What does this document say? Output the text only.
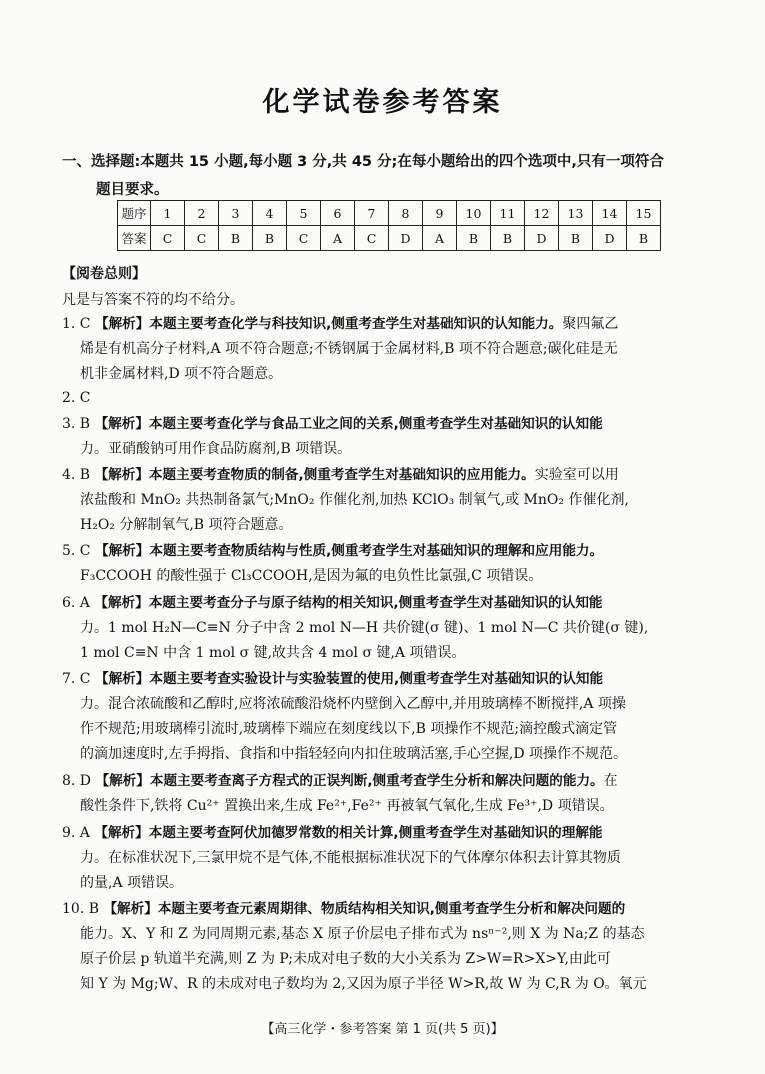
化学试卷参考答案
一、选择题:本题共 15 小题,每小题 3 分,共 45 分;在每小题给出的四个选项中,只有一项符合
题目要求。
题序	1	2	3	4	5	6	7	8	9	10	11	12	13	14	15
答案	C	C	B	B	C	A	C	D	A	B	B	D	B	D	B
【阅卷总则】
凡是与答案不符的均不给分。
1. C 【解析】本题主要考查化学与科技知识,侧重考查学生对基础知识的认知能力。聚四氟乙
烯是有机高分子材料,A 项不符合题意;不锈钢属于金属材料,B 项不符合题意;碳化硅是无
机非金属材料,D 项不符合题意。
2. C
3. B 【解析】本题主要考查化学与食品工业之间的关系,侧重考查学生对基础知识的认知能
力。亚硝酸钠可用作食品防腐剂,B 项错误。
4. B 【解析】本题主要考查物质的制备,侧重考查学生对基础知识的应用能力。实验室可以用
浓盐酸和 MnO₂ 共热制备氯气;MnO₂ 作催化剂,加热 KClO₃ 制氧气,或 MnO₂ 作催化剂,
H₂O₂ 分解制氧气,B 项符合题意。
5. C 【解析】本题主要考查物质结构与性质,侧重考查学生对基础知识的理解和应用能力。
F₃CCOOH 的酸性强于 Cl₃CCOOH,是因为氟的电负性比氯强,C 项错误。
6. A 【解析】本题主要考查分子与原子结构的相关知识,侧重考查学生对基础知识的认知能
力。1 mol H₂N—C≡N 分子中含 2 mol N—H 共价键(σ 键)、1 mol N—C 共价键(σ 键),
1 mol C≡N 中含 1 mol σ 键,故共含 4 mol σ 键,A 项错误。
7. C 【解析】本题主要考查实验设计与实验装置的使用,侧重考查学生对基础知识的认知能
力。混合浓硫酸和乙醇时,应将浓硫酸沿烧杯内壁倒入乙醇中,并用玻璃棒不断搅拌,A 项操
作不规范;用玻璃棒引流时,玻璃棒下端应在刻度线以下,B 项操作不规范;滴控酸式滴定管
的滴加速度时,左手拇指、食指和中指轻轻向内扣住玻璃活塞,手心空握,D 项操作不规范。
8. D 【解析】本题主要考查离子方程式的正误判断,侧重考查学生分析和解决问题的能力。在
酸性条件下,铁将 Cu²⁺ 置换出来,生成 Fe²⁺,Fe²⁺ 再被氧气氧化,生成 Fe³⁺,D 项错误。
9. A 【解析】本题主要考查阿伏加德罗常数的相关计算,侧重考查学生对基础知识的理解能
力。在标准状况下,三氯甲烷不是气体,不能根据标准状况下的气体摩尔体积去计算其物质
的量,A 项错误。
10. B 【解析】本题主要考查元素周期律、物质结构相关知识,侧重考查学生分析和解决问题的
能力。X、Y 和 Z 为同周期元素,基态 X 原子价层电子排布式为 nsⁿ⁻²,则 X 为 Na;Z 的基态
原子价层 p 轨道半充满,则 Z 为 P;未成对电子数的大小关系为 Z>W=R>X>Y,由此可
知 Y 为 Mg;W、R 的未成对电子数均为 2,又因为原子半径 W>R,故 W 为 C,R 为 O。氧元
【高三化学・参考答案 第 1 页(共 5 页)】
